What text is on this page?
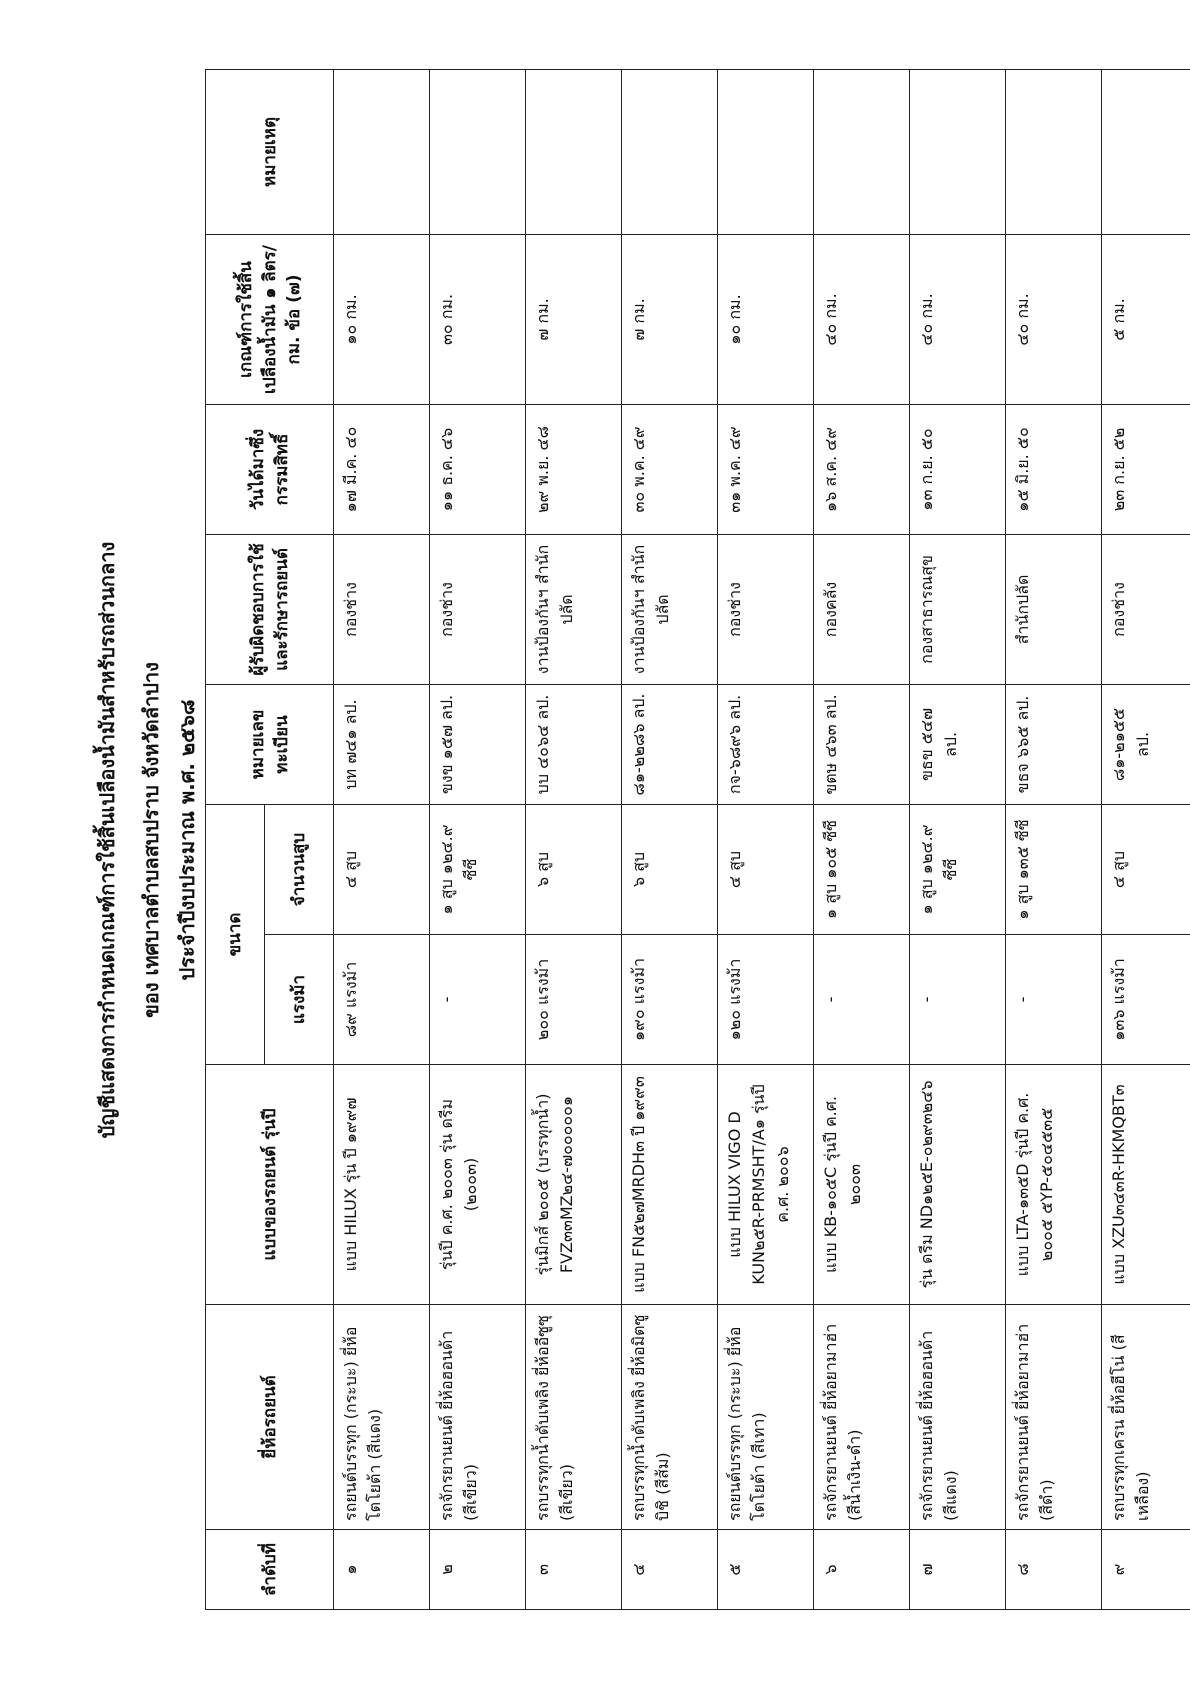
บัญชีแสดงการกำหนดเกณฑ์การใช้สิ้นเปลืองน้ำมันสำหรับรถส่วนกลาง ของ เทศบาลตำบลสบปราบ จังหวัดลำปาง ประจำปีงบประมาณ พ.ศ. ๒๕๖๘
ลำดับที่	ยี่ห้อรถยนต์	แบบของรถยนต์ รุ่นปี	ขนาด		หมายเลขทะเบียน	ผู้รับผิดชอบการใช้และรักษารถยนต์	วันได้มาซึ่งกรรมสิทธิ์	เกณฑ์การใช้สิ้นเปลืองน้ำมัน ๑ ลิตร/กม. ข้อ (๗)	หมายเหตุ
			แรงม้า	จำนวนสูบ					
๑	รถยนต์บรรทุก (กระบะ) ยี่ห้อโตโยต้า (สีแดง)	แบบ HILUX รุ่น ปี ๑๙๙๗	๘๙ แรงม้า	๔ สูบ	บท ๗๔๑ ลป.	กองช่าง	๑๗ มี.ค. ๔๐	๑๐ กม.	
๒	รถจักรยานยนต์ ยี่ห้อฮอนด้า (สีเขียว)	รุ่นปี ค.ศ. ๒๐๐๓ รุ่น ดรีม (๒๐๐๓)	-	๑ สูบ ๑๒๔.๙ ซีซี	ขงข ๑๕๗ ลป.	กองช่าง	๑๑ ธ.ค. ๔๖	๓๐ กม.	
๓	รถบรรทุกน้ำดับเพลิง ยี่ห้ออีซูซุ (สีเขียว)	รุ่นมิกส์ ๒๐๐๕ (บรรทุกน้ำ) FVZ๓๓MZ๒๔-๗๐๐๐๐๐๑	๒๐๐ แรงม้า	๖ สูบ	บบ ๔๐๖๔ ลป.	งานป้องกันฯ สำนักปลัด	๒๙ พ.ย. ๔๘	๗ กม.	
๔	รถบรรทุกน้ำดับเพลิง ยี่ห้อมิตซูบิชิ (สีส้ม)	แบบ FN๕๒๗MRDH๓ ปี ๑๙๙๓	๑๙๐ แรงม้า	๖ สูบ	๘๑-๒๒๘๖ ลป.	งานป้องกันฯ สำนักปลัด	๓๐ พ.ค. ๔๙	๗ กม.	
๕	รถยนต์บรรทุก (กระบะ) ยี่ห้อโตโยต้า (สีเทา)	แบบ HILUX VIGO D KUN๒๕R-PRMSHT/A๑ รุ่นปี ค.ศ. ๒๐๐๖	๑๒๐ แรงม้า	๔ สูบ	กจ-๖๘๙๖ ลป.	กองช่าง	๓๑ พ.ค. ๔๙	๑๐ กม.	
๖	รถจักรยานยนต์ ยี่ห้อยามาฮ่า (สีน้ำเงิน-ดำ)	แบบ KB-๑๐๕C รุ่นปี ค.ศ. ๒๐๐๓	-	๑ สูบ ๑๐๕ ซีซี	ขตษ ๔๖๓ ลป.	กองคลัง	๑๖ ส.ค. ๔๙	๔๐ กม.	
๗	รถจักรยานยนต์ ยี่ห้อฮอนด้า (สีแดง)	รุ่น ดรีม ND๑๒๕E-๐๒๙๓๒๔๖	-	๑ สูบ ๑๒๔.๙ ซีซี	ขธข ๕๔๗ ลป.	กองสาธารณสุข	๑๓ ก.ย. ๕๐	๔๐ กม.	
๘	รถจักรยานยนต์ ยี่ห้อยามาฮ่า (สีดำ)	แบบ LTA-๑๓๕D รุ่นปี ค.ศ. ๒๐๐๕ ๕YP-๕๐๔๕๓๕	-	๑ สูบ ๑๓๕ ซีซี	ขธจ ๖๖๕ ลป.	สำนักปลัด	๑๕ มิ.ย. ๕๐	๔๐ กม.	
๙	รถบรรทุกเครน ยี่ห้อฮีโน่ (สีเหลือง)	แบบ XZU๓๔๓R-HKMQBT๓	๑๓๖ แรงม้า	๔ สูบ	๘๑-๒๑๕๕ ลป.	กองช่าง	๒๓ ก.ย. ๕๒	๕ กม.	
